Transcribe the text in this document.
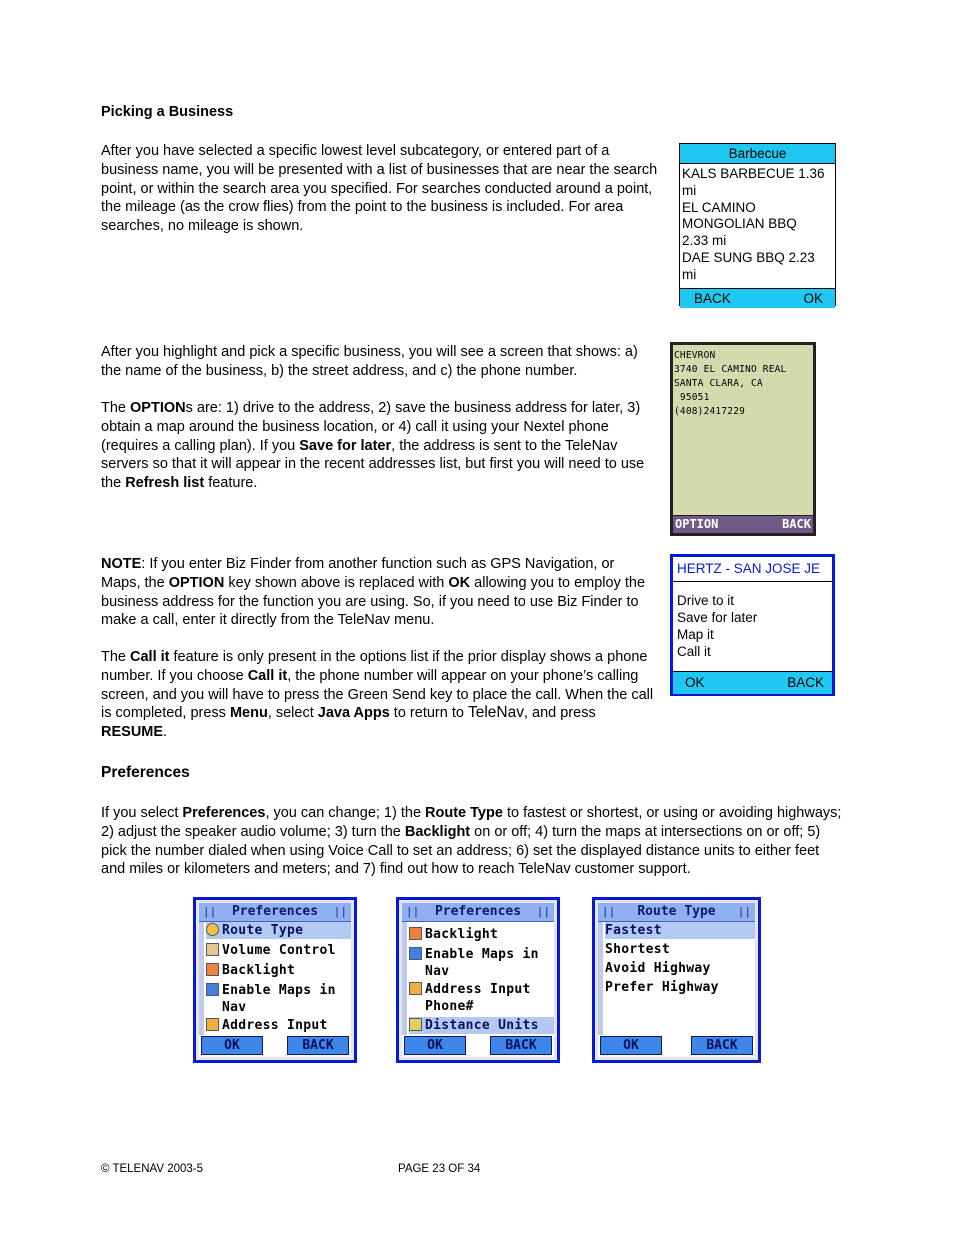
Picking a Business

After you have selected a specific lowest level subcategory, or entered part of a business name, you will be presented with a list of businesses that are near the search point, or within the search area you specified. For searches conducted around a point, the mileage (as the crow flies) from the point to the business is included. For area searches, no mileage is shown.

Barbecue
KALS BARBECUE 1.36
mi
EL CAMINO
MONGOLIAN BBQ
2.33 mi
DAE SUNG BBQ 2.23
mi
BACK	OK

After you highlight and pick a specific business, you will see a screen that shows: a) the name of the business, b) the street address, and c) the phone number.

The OPTIONs are: 1) drive to the address, 2) save the business address for later, 3) obtain a map around the business location, or 4) call it using your Nextel phone (requires a calling plan). If you Save for later, the address is sent to the TeleNav servers so that it will appear in the recent addresses list, but first you will need to use the Refresh list feature.

CHEVRON
3740 EL CAMINO REAL
SANTA CLARA, CA
95051
(408)2417229
OPTION	BACK

NOTE: If you enter Biz Finder from another function such as GPS Navigation, or Maps, the OPTION key shown above is replaced with OK allowing you to employ the business address for the function you are using. So, if you need to use Biz Finder to make a call, enter it directly from the TeleNav menu.

The Call it feature is only present in the options list if the prior display shows a phone number. If you choose Call it, the phone number will appear on your phone’s calling screen, and you will have to press the Green Send key to place the call. When the call is completed, press Menu, select Java Apps to return to TeleNav, and press RESUME.

HERTZ - SAN JOSE JE
Drive to it
Save for later
Map it
Call it
OK	BACK
Preferences

If you select Preferences, you can change; 1) the Route Type to fastest or shortest, or using or avoiding highways; 2) adjust the speaker audio volume; 3) turn the Backlight on or off; 4) turn the maps at intersections on or off; 5) pick the number dialed when using Voice Call to set an address; 6) set the displayed distance units to either feet and miles or kilometers and meters; and 7) find out how to reach TeleNav customer support.

|| Preferences ||
Route Type
Volume Control
Backlight
Enable Maps in
Nav
Address Input
OK	BACK
|| Preferences ||
Backlight
Enable Maps in
Nav
Address Input
Phone#
Distance Units
OK	BACK
|| Route Type ||
Fastest
Shortest
Avoid Highway
Prefer Highway
OK	BACK
© TELENAV 2003-5	PAGE 23 OF 34
